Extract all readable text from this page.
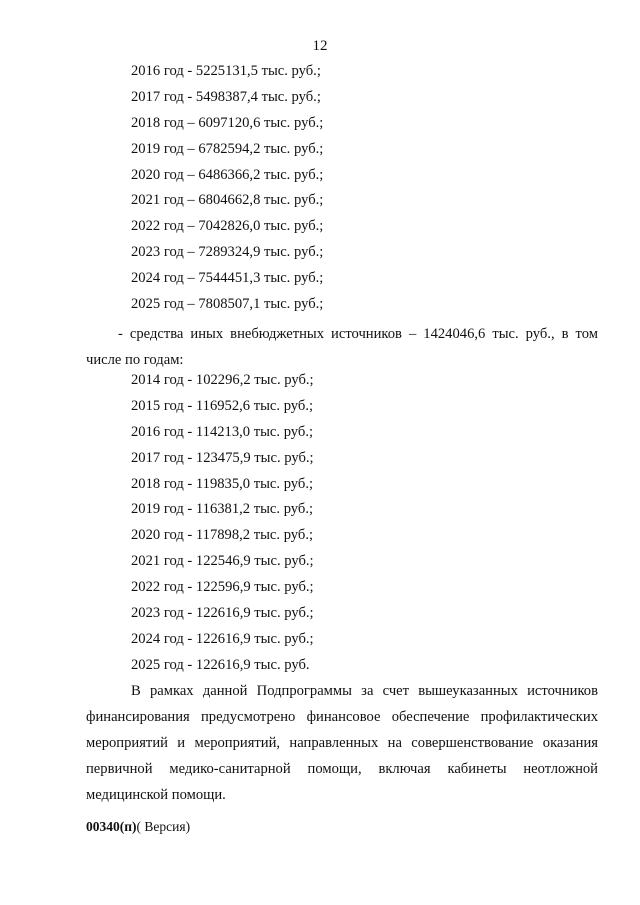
12
2016 год - 5225131,5 тыс. руб.;
2017 год - 5498387,4 тыс. руб.;
2018 год – 6097120,6 тыс. руб.;
2019 год – 6782594,2 тыс. руб.;
2020 год – 6486366,2 тыс. руб.;
2021 год – 6804662,8 тыс. руб.;
2022 год – 7042826,0 тыс. руб.;
2023 год – 7289324,9 тыс. руб.;
2024 год – 7544451,3 тыс. руб.;
2025 год – 7808507,1 тыс. руб.;

- средства иных внебюджетных источников – 1424046,6 тыс. руб., в том числе по годам:

2014 год - 102296,2 тыс. руб.;
2015 год - 116952,6 тыс. руб.;
2016 год - 114213,0 тыс. руб.;
2017 год - 123475,9 тыс. руб.;
2018 год - 119835,0 тыс. руб.;
2019 год - 116381,2 тыс. руб.;
2020 год - 117898,2 тыс. руб.;
2021 год - 122546,9 тыс. руб.;
2022 год - 122596,9 тыс. руб.;
2023 год - 122616,9 тыс. руб.;
2024 год - 122616,9 тыс. руб.;
2025 год - 122616,9 тыс. руб.

В рамках данной Подпрограммы за счет вышеуказанных источников финансирования предусмотрено финансовое обеспечение профилактических мероприятий и мероприятий, направленных на совершенствование оказания первичной медико-санитарной помощи, включая кабинеты неотложной медицинской помощи.

00340(п)( Версия)
